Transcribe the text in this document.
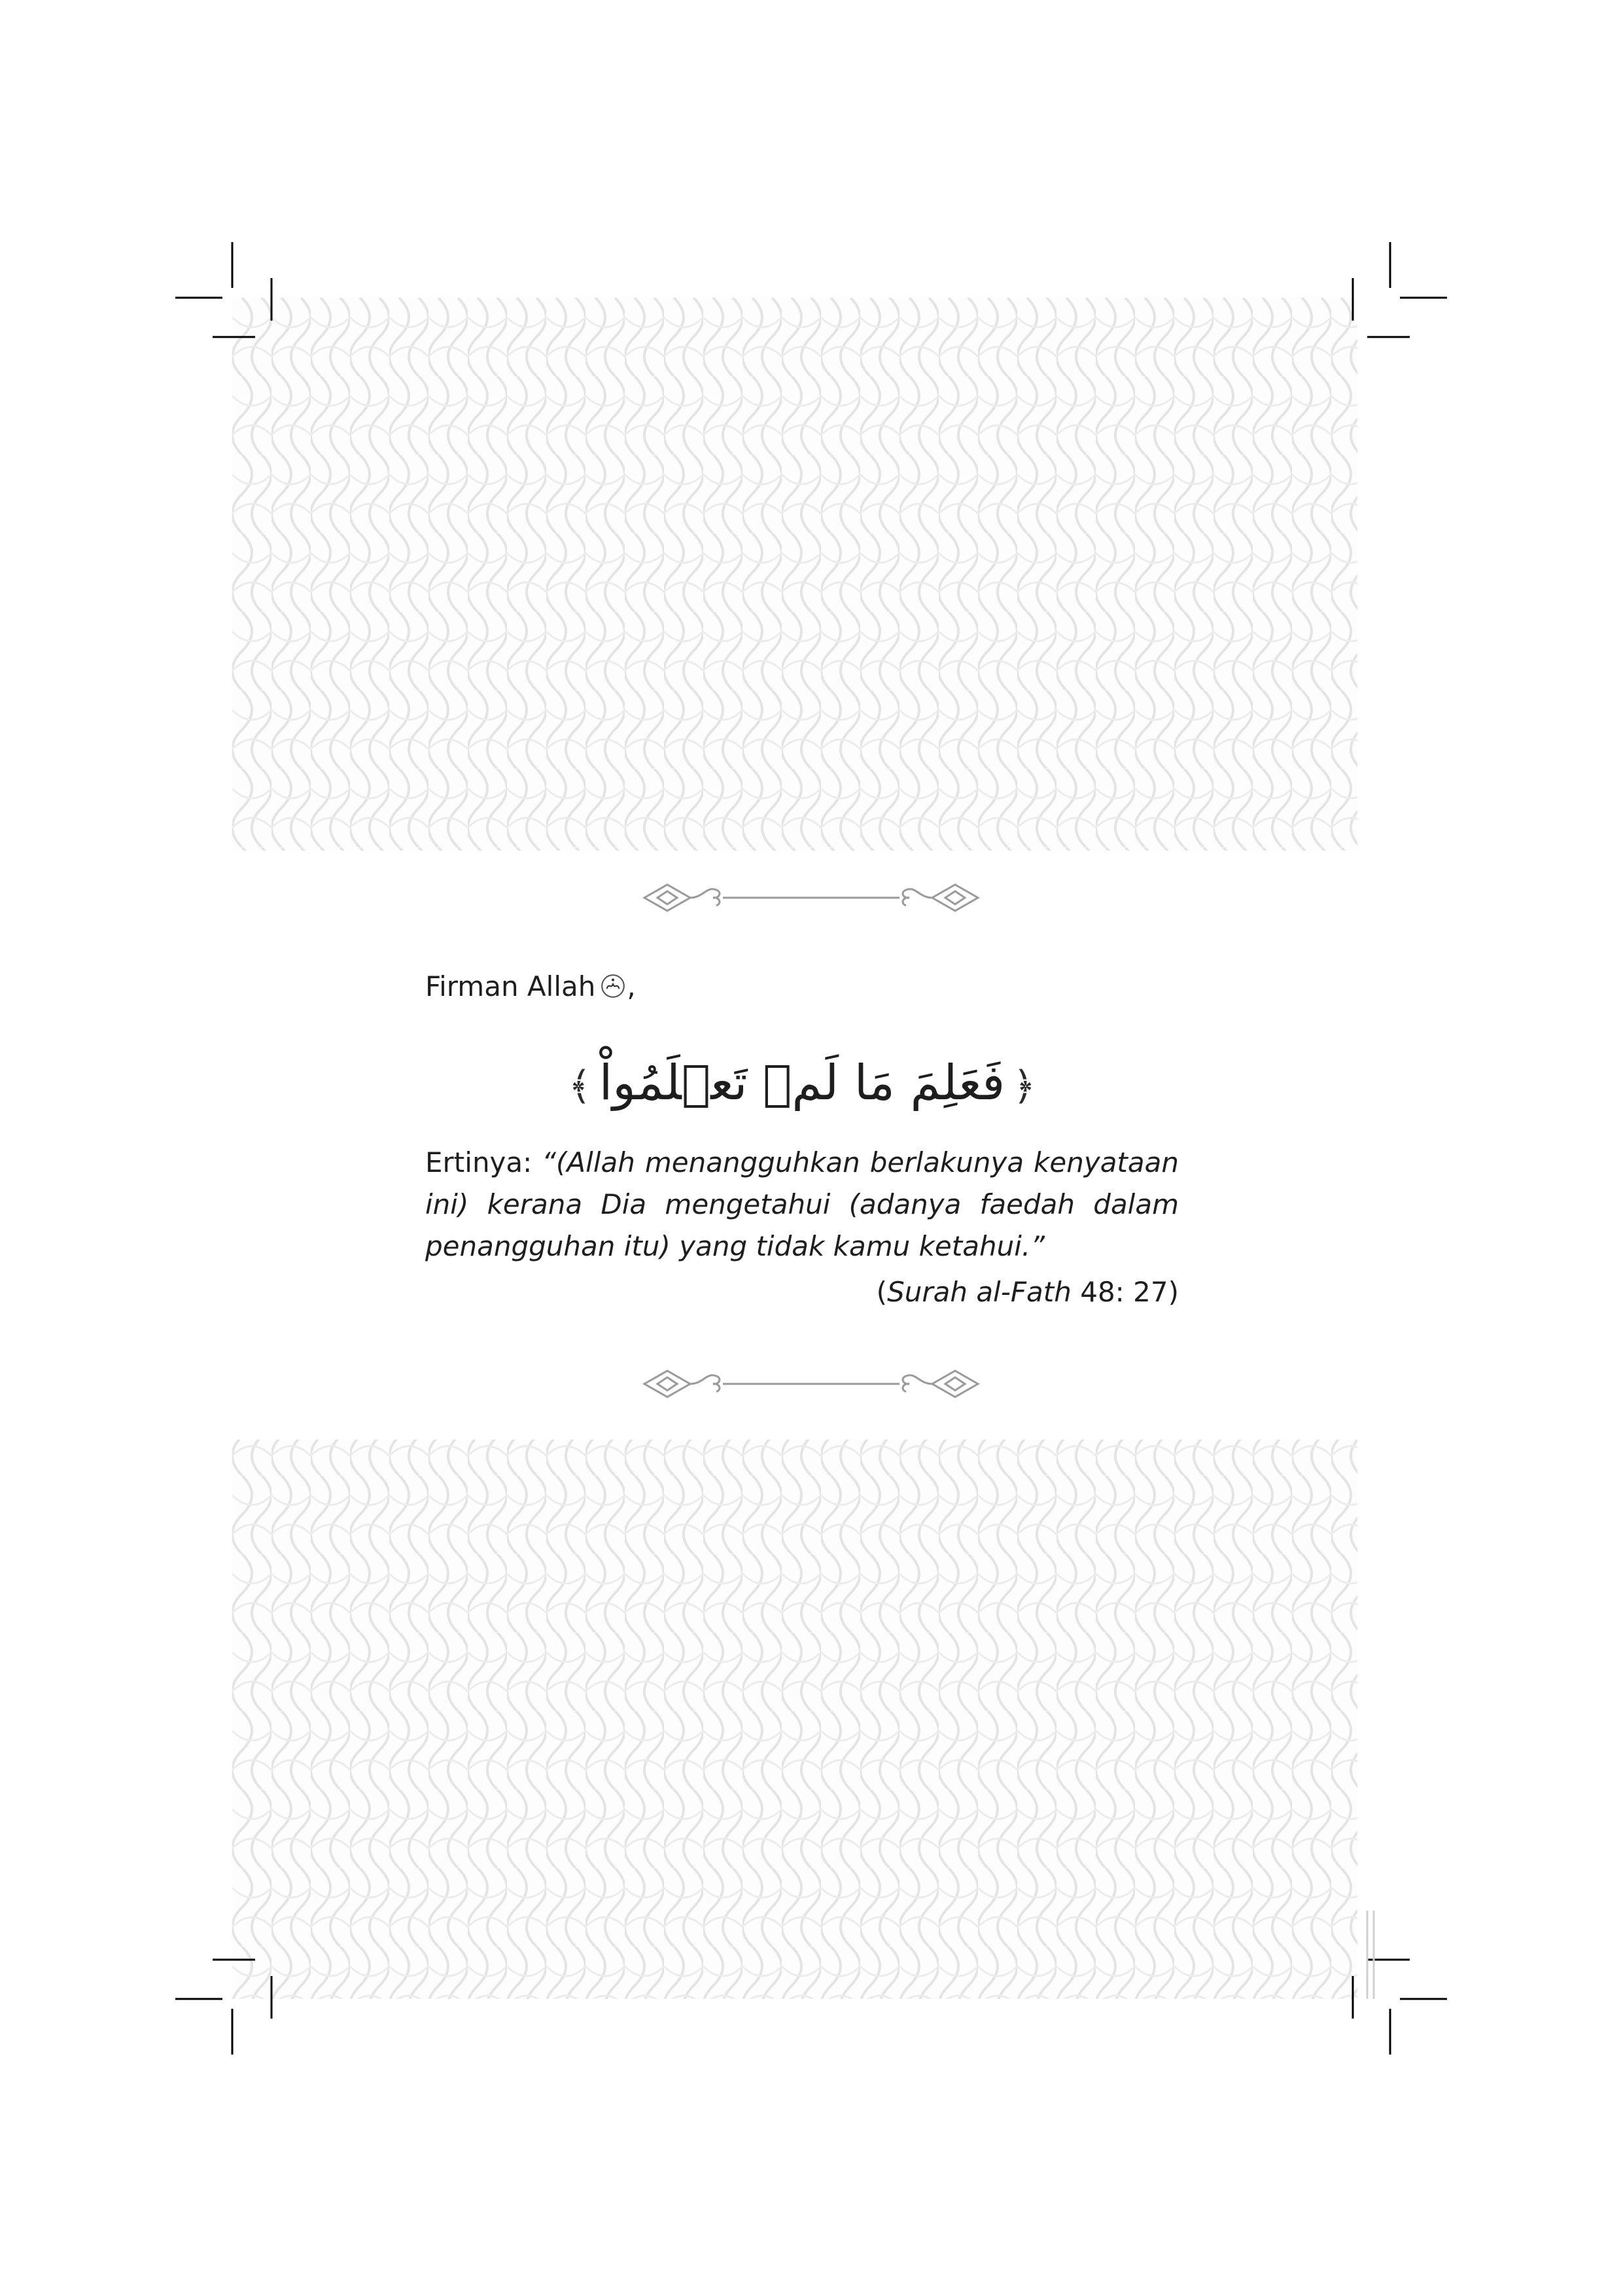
Firman Allah ,
﴿فَعَلِمَ مَا لَمۡ تَعۡلَمُواْ﴾
Ertinya: “(Allah menangguhkan berlakunya kenyataan ini) kerana Dia mengetahui (adanya faedah dalam penangguhan itu) yang tidak kamu ketahui.”
(Surah al-Fath 48: 27)
